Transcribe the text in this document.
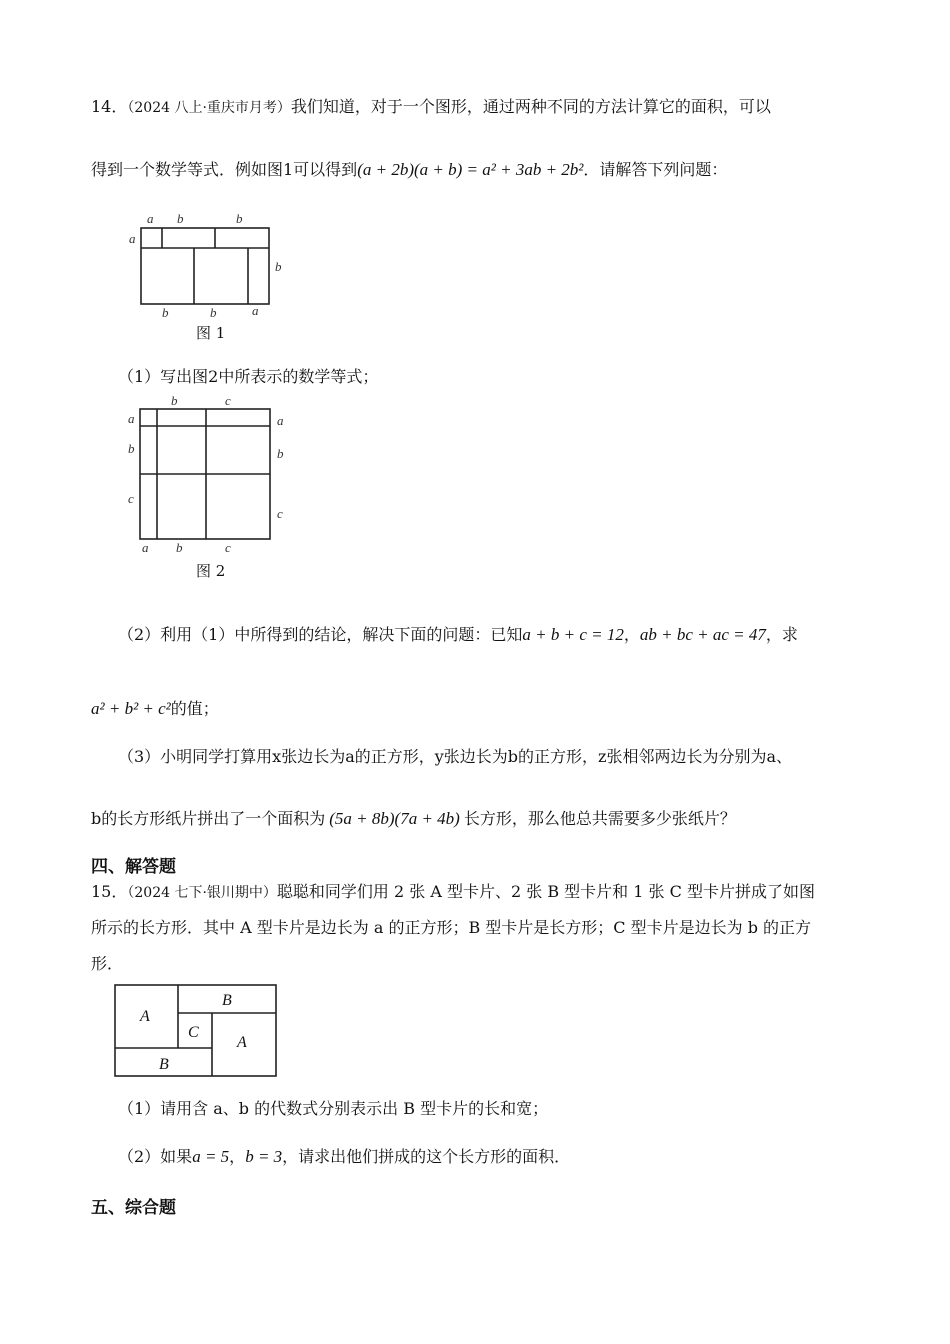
14．（2024 八上·重庆市月考）我们知道，对于一个图形，通过两种不同的方法计算它的面积，可以
得到一个数学等式．例如图1可以得到(a + 2b)(a + b) = a² + 3ab + 2b²．请解答下列问题：
a b	b
a
b
b	b	a
图 1
（1）写出图2中所表示的数学等式；
b	c
a
b
c
a
b
c
a b	c
图 2
（2）利用（1）中所得到的结论，解决下面的问题：已知a + b + c = 12，ab + bc + ac = 47，求
a² + b² + c²的值；
（3）小明同学打算用x张边长为a的正方形，y张边长为b的正方形，z张相邻两边长为分别为a、
b的长方形纸片拼出了一个面积为 (5a + 8b)(7a + 4b) 长方形，那么他总共需要多少张纸片？
四、解答题
15．（2024 七下·银川期中）聪聪和同学们用 2 张 A 型卡片、2 张 B 型卡片和 1 张 C 型卡片拼成了如图
所示的长方形．其中 A 型卡片是边长为 a 的正方形；B 型卡片是长方形；C 型卡片是边长为 b 的正方
形．
A
B
C
A
B
（1）请用含 a、b 的代数式分别表示出 B 型卡片的长和宽；
（2）如果a = 5，b = 3，请求出他们拼成的这个长方形的面积．
五、综合题
